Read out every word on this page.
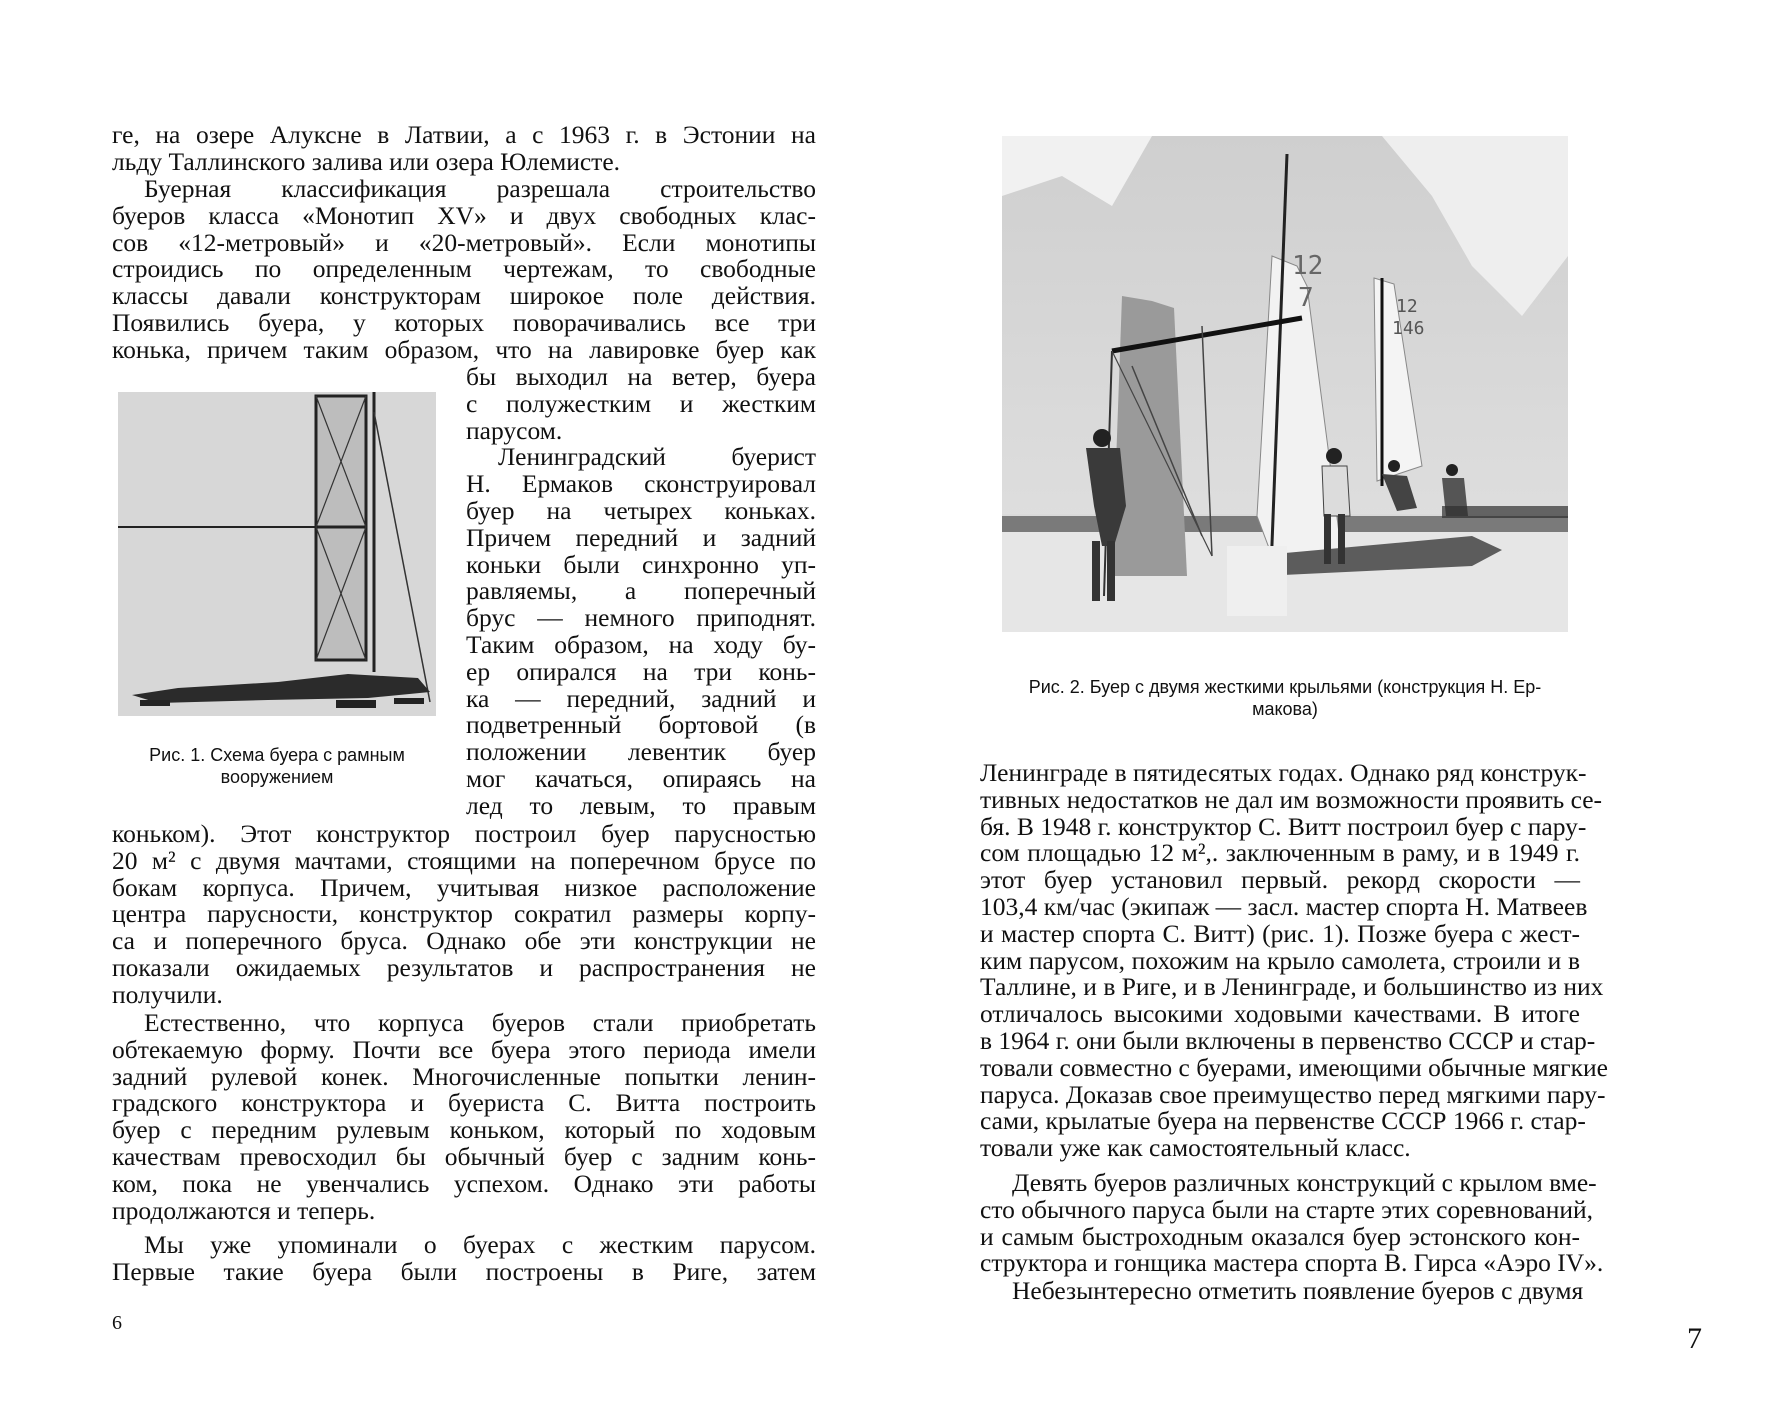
ге, на озере Алуксне в Латвии, а с 1963 г. в Эстонии на
льду Таллинского залива или озера Юлемисте.
Буерная классификация разрешала строительство
буеров класса «Монотип XV» и двух свободных клас-
сов «12-метровый» и «20-метровый». Если монотипы
строидись по определенным чертежам, то свободные
классы давали конструкторам широкое поле действия.
Появились буера, у которых поворачивались все три
конька, причем таким образом, что на лавировке буер как
Рис. 1. Схема буера с рамным
вооружением
бы выходил на ветер, буера
с полужестким и жестким
парусом.
Ленинградский буерист
Н. Ермаков сконструировал
буер на четырех коньках.
Причем передний и задний
коньки были синхронно уп-
равляемы, а поперечный
брус — немного приподнят.
Таким образом, на ходу бу-
ер опирался на три конь-
ка — передний, задний и
подветренный бортовой (в
положении левентик буер
мог качаться, опираясь на
лед то левым, то правым
коньком). Этот конструктор построил буер парусностью
20 м² с двумя мачтами, стоящими на поперечном брусе по
бокам корпуса. Причем, учитывая низкое расположение
центра парусности, конструктор сократил размеры корпу-
са и поперечного бруса. Однако обе эти конструкции не
показали ожидаемых результатов и распространения не
получили.
Естественно, что корпуса буеров стали приобретать
обтекаемую форму. Почти все буера этого периода имели
задний рулевой конек. Многочисленные попытки ленин-
градского конструктора и буериста С. Витта построить
буер с передним рулевым коньком, который по ходовым
качествам превосходил бы обычный буер с задним конь-
ком, пока не увенчались успехом. Однако эти работы
продолжаются и теперь.
Мы уже упоминали о буерах с жестким парусом.
Первые такие буера были построены в Риге, затем
6
12
7	12
146
Рис. 2. Буер с двумя жесткими крыльями (конструкция Н. Ер-
макова)
Ленинграде в пятидесятых годах. Однако ряд конструк-
тивных недостатков не дал им возможности проявить се-
бя. В 1948 г. конструктор С. Витт построил буер с пару-
сом площадью 12 м²,. заключенным в раму, и в 1949 г.
этот буер установил первый. рекорд скорости —
103,4 км/час (экипаж — засл. мастер спорта Н. Матвеев
и мастер спорта С. Витт) (рис. 1). Позже буера с жест-
ким парусом, похожим на крыло самолета, строили и в
Таллине, и в Риге, и в Ленинграде, и большинство из них
отличалось высокими ходовыми качествами. В итоге
в 1964 г. они были включены в первенство СССР и стар-
товали совместно с буерами, имеющими обычные мягкие
паруса. Доказав свое преимущество перед мягкими пару-
сами, крылатые буера на первенстве СССР 1966 г. стар-
товали уже как самостоятельный класс.
Девять буеров различных конструкций с крылом вме-
сто обычного паруса были на старте этих соревнований,
и самым быстроходным оказался буер эстонского кон-
структора и гонщика мастера спорта В. Гирса «Аэро IV».
Небезынтересно отметить появление буеров с двумя
7
